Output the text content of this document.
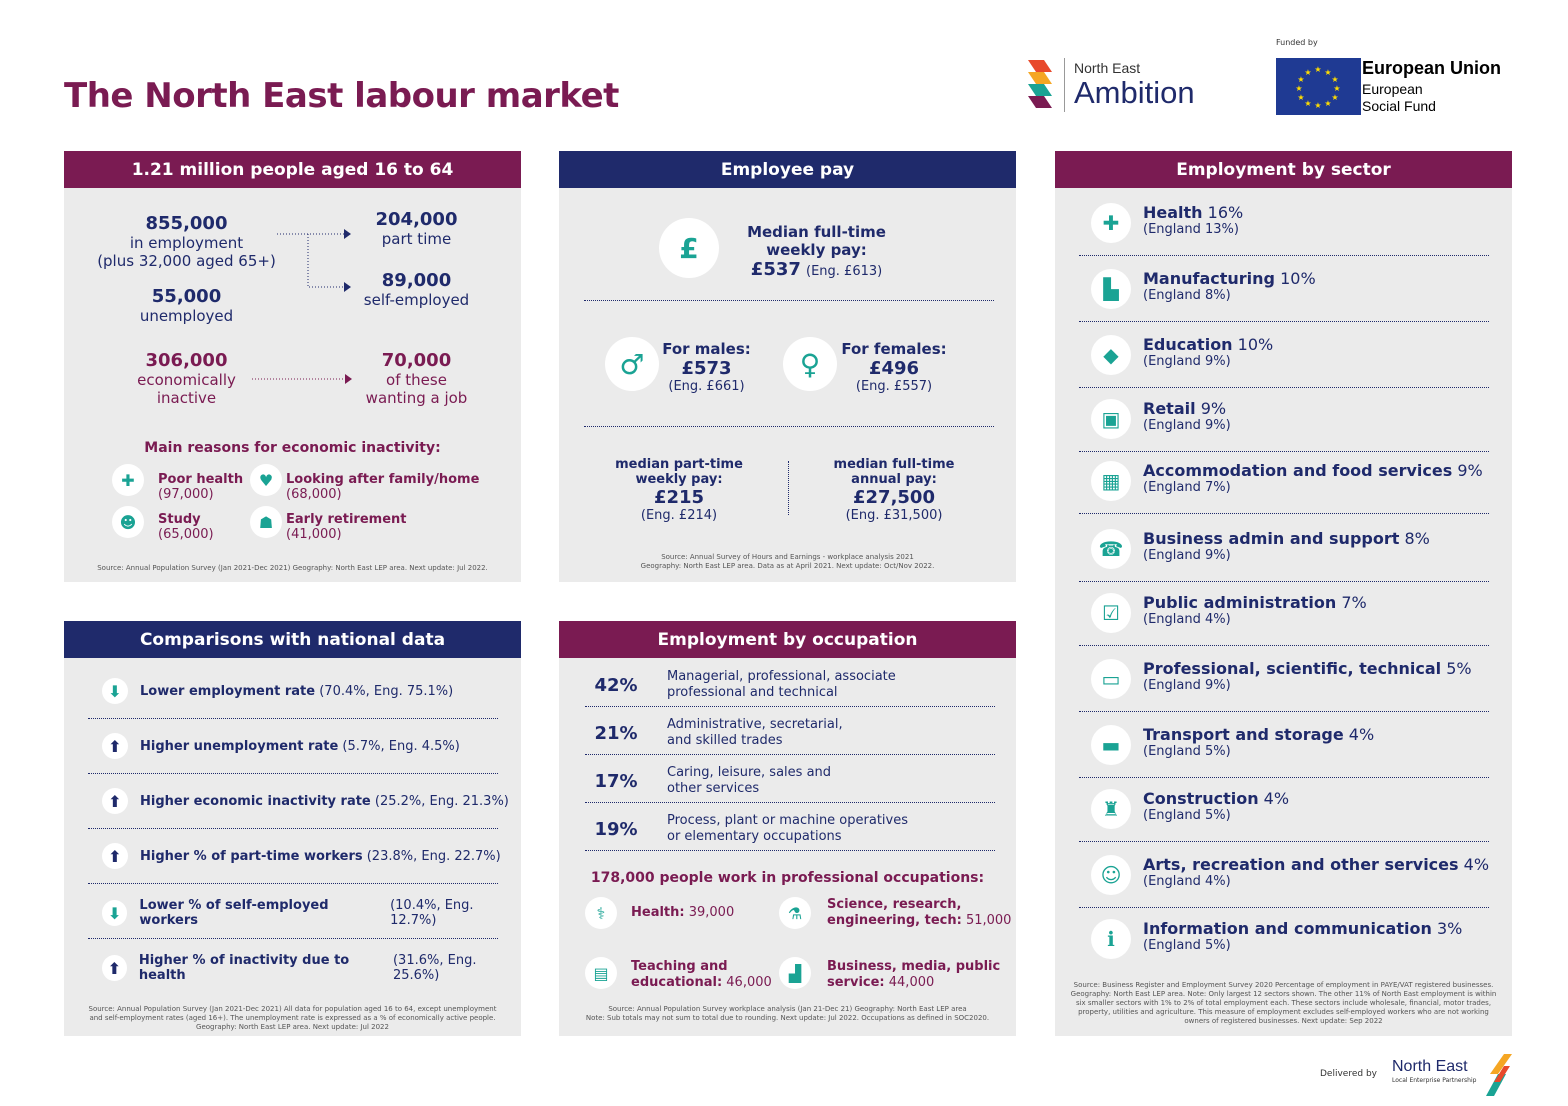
The North East labour market
North East
Ambition
Funded by
★ ★
★
★
★
★
★
★
★
★
★
★	European Union
European
Social Fund
1.21 million people aged 16 to 64
855,000
in employment
(plus 32,000 aged 65+)
204,000
part time
89,000
self-employed
55,000
unemployed
306,000
economically
inactive
70,000
of these
wanting a job
Main reasons for economic inactivity:
✚	Poor health
(97,000)
♥ Looking after family/home
(68,000)
☻	Study
(65,000)
☗ Early retirement
(41,000)
Source: Annual Population Survey (Jan 2021-Dec 2021) Geography: North East LEP area. Next update: Jul 2022.
Employee pay
£	Median full-time
weekly pay:
£537 (Eng. £613)
♂	For males:
£573
(Eng. £661)
♀	For females:
£496
(Eng. £557)
median part-time
weekly pay:
£215
(Eng. £214)
median full-time
annual pay:
£27,500
(Eng. £31,500)
Source: Annual Survey of Hours and Earnings - workplace analysis 2021
Geography: North East LEP area. Data as at April 2021. Next update: Oct/Nov 2022.
Employment by sector
✚	Health 16%
(England 13%)
▙	Manufacturing 10%
(England 8%)
◆	Education 10%
(England 9%)
▣	Retail 9%
(England 9%)
▦	Accommodation and food services 9%
(England 7%)
☎	Business admin and support 8%
(England 9%)
☑	Public administration 7%
(England 4%)
▭	Professional, scientific, technical 5%
(England 9%)
▬	Transport and storage 4%
(England 5%)
♜	Construction 4%
(England 5%)
☺	Arts, recreation and other services 4%
(England 4%)
ℹ	Information and communication 3%
(England 5%)
Source: Business Register and Employment Survey 2020 Percentage of employment in PAYE/VAT registered businesses. Geography: North East LEP area. Note: Only largest 12 sectors shown. The other 11% of North East employment is within six smaller sectors with 1% to 2% of total employment each. These sectors include wholesale, financial, motor trades, property, utilities and agriculture. This measure of employment excludes self-employed workers who are not working owners of registered businesses. Next update: Sep 2022
Comparisons with national data
⬇	Lower employment rate
(70.4%, Eng. 75.1%)
⬆	Higher unemployment rate
(5.7%, Eng. 4.5%)
⬆	Higher economic inactivity rate
(25.2%, Eng. 21.3%)
⬆	Higher % of part-time workers
(23.8%, Eng. 22.7%)
⬇	Lower % of self-employed workers

(10.4%, Eng. 12.7%)
⬆	Higher % of inactivity due to health

(31.6%, Eng. 25.6%)
Source: Annual Population Survey (Jan 2021-Dec 2021) All data for population aged 16 to 64, except unemployment and self-employment rates (aged 16+). The unemployment rate is expressed as a % of economically active people. Geography: North East LEP area. Next update: Jul 2022
Employment by occupation
42%	Managerial, professional, associate
professional and technical
21%	Administrative, secretarial,
and skilled trades
17%	Caring, leisure, sales and
other services
19%	Process, plant or machine operatives
or elementary occupations
178,000 people work in professional occupations:
⚕	Health: 39,000	⚗	Science, research,
engineering, tech: 51,000
▤	Teaching and
educational: 46,000	▟	Business, media, public
service: 44,000
Source: Annual Population Survey workplace analysis (Jan 21-Dec 21) Geography: North East LEP area
Note: Sub totals may not sum to total due to rounding. Next update: Jul 2022. Occupations as defined in SOC2020.
Delivered by North East
Local Enterprise Partnership
